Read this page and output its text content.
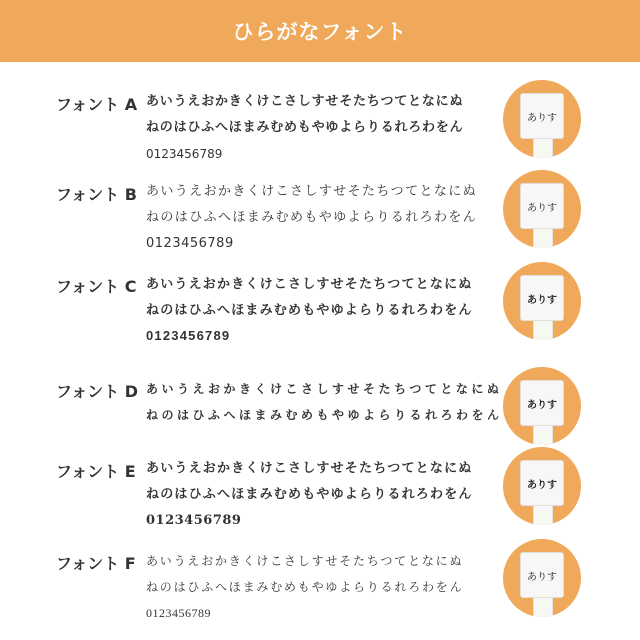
ひらがなフォント
フォント A あいうえおかきくけこさしすせそたちつてとなにぬ
ねのはひふへほまみむめもやゆよらりるれろわをん
0123456789
ありす
フォント B あいうえおかきくけこさしすせそたちつてとなにぬ
ねのはひふへほまみむめもやゆよらりるれろわをん
0123456789
ありす
フォント C あいうえおかきくけこさしすせそたちつてとなにぬ
ねのはひふへほまみむめもやゆよらりるれろわをん
0123456789
ありす
フォント D あいうえおかきくけこさしすせそたちつてとなにぬ
ねのはひふへほまみむめもやゆよらりるれろわをん
ありす
フォント E あいうえおかきくけこさしすせそたちつてとなにぬ
ねのはひふへほまみむめもやゆよらりるれろわをん
0123456789
ありす
フォント F あいうえおかきくけこさしすせそたちつてとなにぬ
ねのはひふへほまみむめもやゆよらりるれろわをん
0123456789
ありす
